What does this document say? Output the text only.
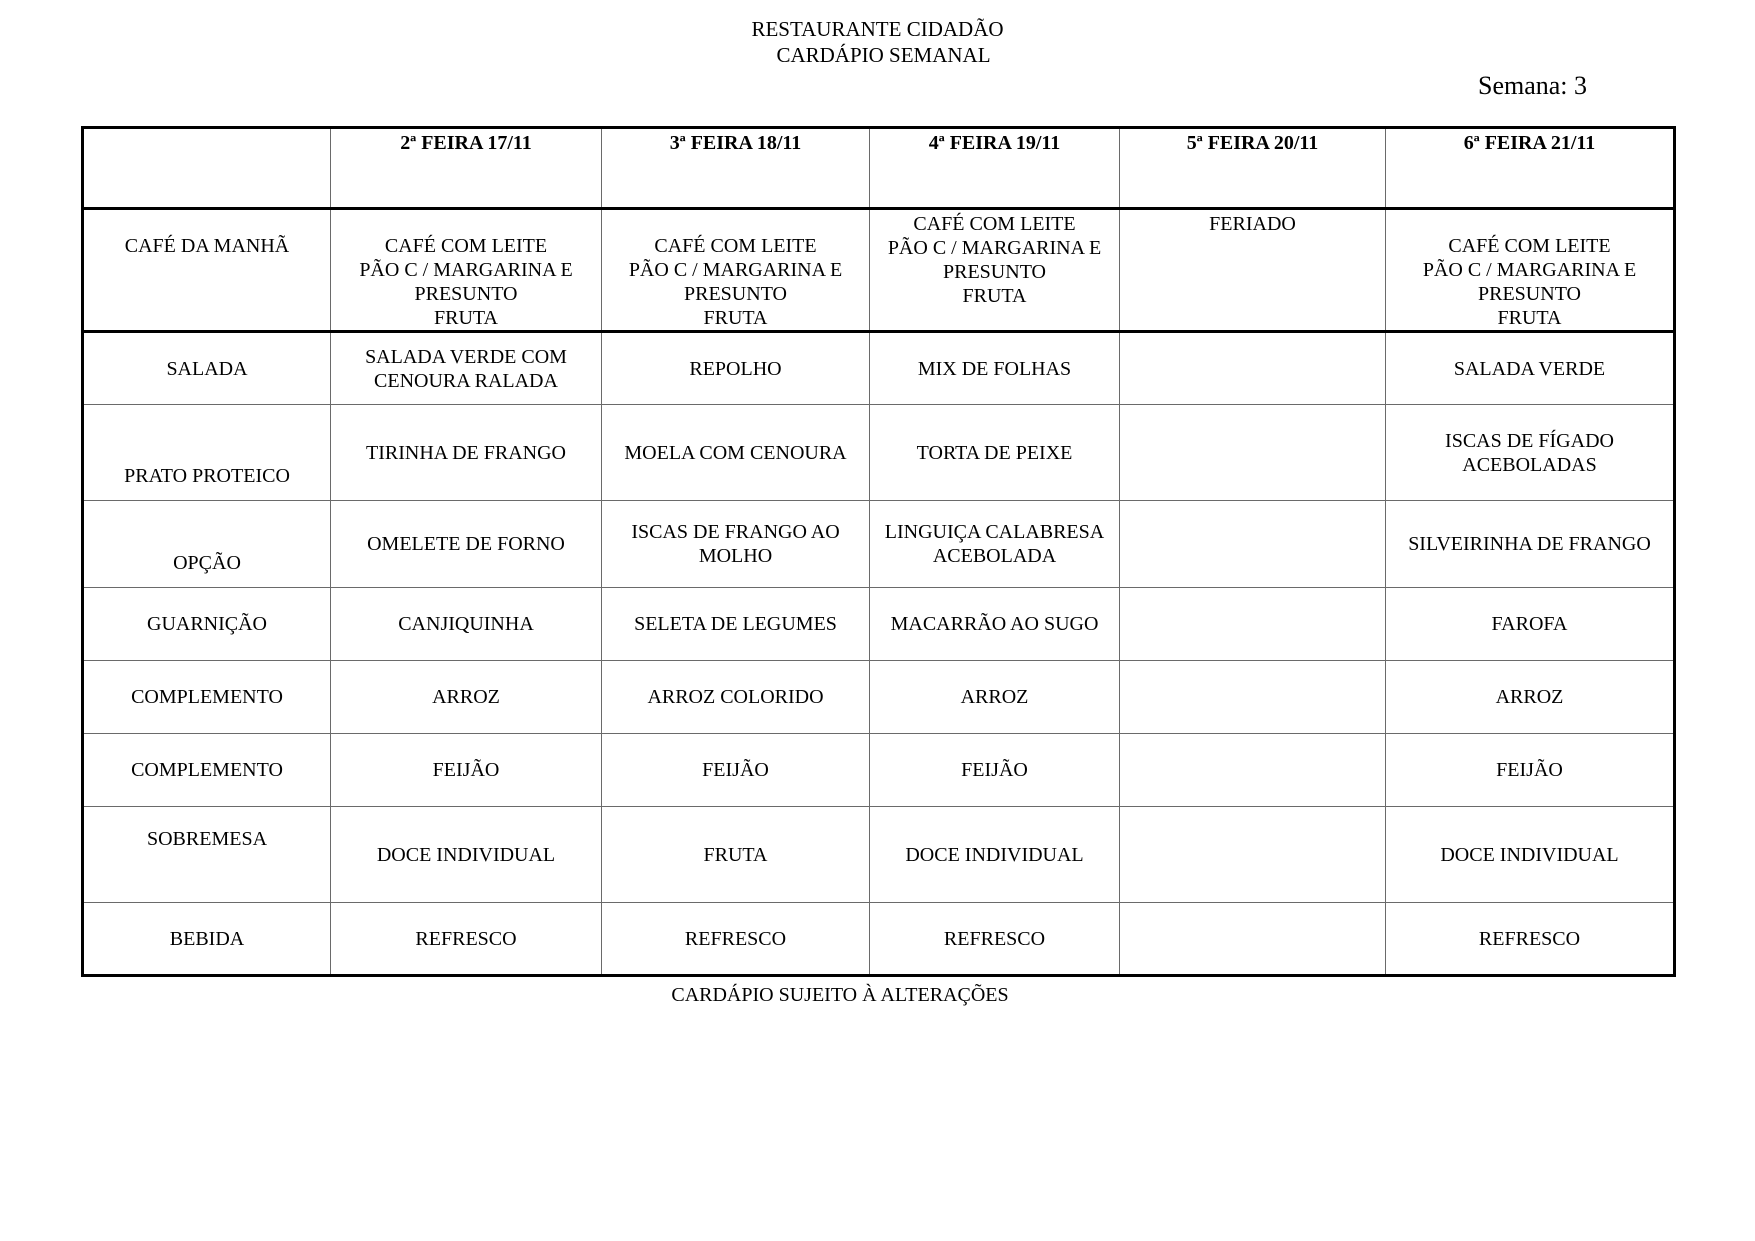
RESTAURANTE CIDADÃO
CARDÁPIO SEMANAL
Semana: 3
	2ª FEIRA 17/11	3ª FEIRA 18/11	4ª FEIRA 19/11	5ª FEIRA 20/11	6ª FEIRA 21/11
CAFÉ DA MANHÃ	CAFÉ COM LEITE
PÃO C / MARGARINA E
PRESUNTO
FRUTA	CAFÉ COM LEITE
PÃO C / MARGARINA E
PRESUNTO
FRUTA	CAFÉ COM LEITE
PÃO C / MARGARINA E
PRESUNTO
FRUTA	FERIADO	CAFÉ COM LEITE
PÃO C / MARGARINA E
PRESUNTO
FRUTA

SALADA	SALADA VERDE COM
CENOURA RALADA	REPOLHO	MIX DE FOLHAS		SALADA VERDE

PRATO PROTEICO	TIRINHA DE FRANGO	MOELA COM CENOURA	TORTA DE PEIXE		ISCAS DE FÍGADO
ACEBOLADAS

OPÇÃO	OMELETE DE FORNO	ISCAS DE FRANGO AO
MOLHO	LINGUIÇA CALABRESA
ACEBOLADA		SILVEIRINHA DE FRANGO

GUARNIÇÃO	CANJIQUINHA	SELETA DE LEGUMES	MACARRÃO AO SUGO		FAROFA

COMPLEMENTO	ARROZ	ARROZ COLORIDO	ARROZ		ARROZ

COMPLEMENTO	FEIJÃO	FEIJÃO	FEIJÃO		FEIJÃO

SOBREMESA	DOCE INDIVIDUAL	FRUTA	DOCE INDIVIDUAL		DOCE INDIVIDUAL

BEBIDA	REFRESCO	REFRESCO	REFRESCO		REFRESCO
CARDÁPIO SUJEITO À ALTERAÇÕES
